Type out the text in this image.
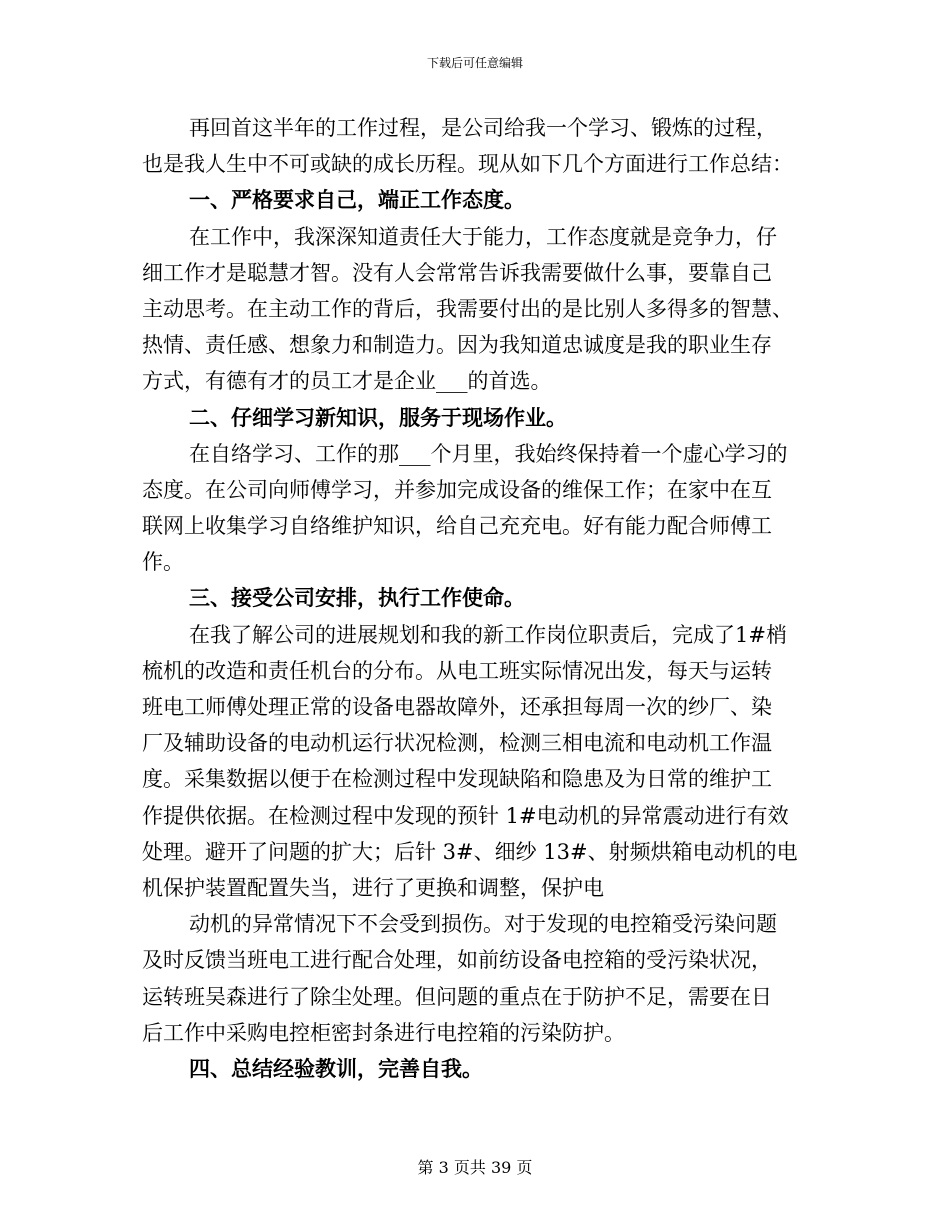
下载后可任意编辑
再回首这半年的工作过程，是公司给我一个学习、锻炼的过程，
也是我人生中不可或缺的成长历程。现从如下几个方面进行工作总结：
一、严格要求自己，端正工作态度。
在工作中，我深深知道责任大于能力，工作态度就是竞争力，仔
细工作才是聪慧才智。没有人会常常告诉我需要做什么事，要靠自己
主动思考。在主动工作的背后，我需要付出的是比别人多得多的智慧、
热情、责任感、想象力和制造力。因为我知道忠诚度是我的职业生存
方式，有德有才的员工才是企业___的首选。
二、仔细学习新知识，服务于现场作业。
在自络学习、工作的那___个月里，我始终保持着一个虚心学习的
态度。在公司向师傅学习，并参加完成设备的维保工作；在家中在互
联网上收集学习自络维护知识，给自己充充电。好有能力配合师傅工
作。
三、接受公司安排，执行工作使命。
在我了解公司的进展规划和我的新工作岗位职责后，完成了1#梢
梳机的改造和责任机台的分布。从电工班实际情况出发，每天与运转
班电工师傅处理正常的设备电器故障外，还承担每周一次的纱厂、染
厂及辅助设备的电动机运行状况检测，检测三相电流和电动机工作温
度。采集数据以便于在检测过程中发现缺陷和隐患及为日常的维护工
作提供依据。在检测过程中发现的预针 1#电动机的异常震动进行有效
处理。避开了问题的扩大；后针 3#、细纱 13#、射频烘箱电动机的电
机保护装置配置失当，进行了更换和调整，保护电
动机的异常情况下不会受到损伤。对于发现的电控箱受污染问题
及时反馈当班电工进行配合处理，如前纺设备电控箱的受污染状况，
运转班吴森进行了除尘处理。但问题的重点在于防护不足，需要在日
后工作中采购电控柜密封条进行电控箱的污染防护。
四、总结经验教训，完善自我。
第 3 页共 39 页
